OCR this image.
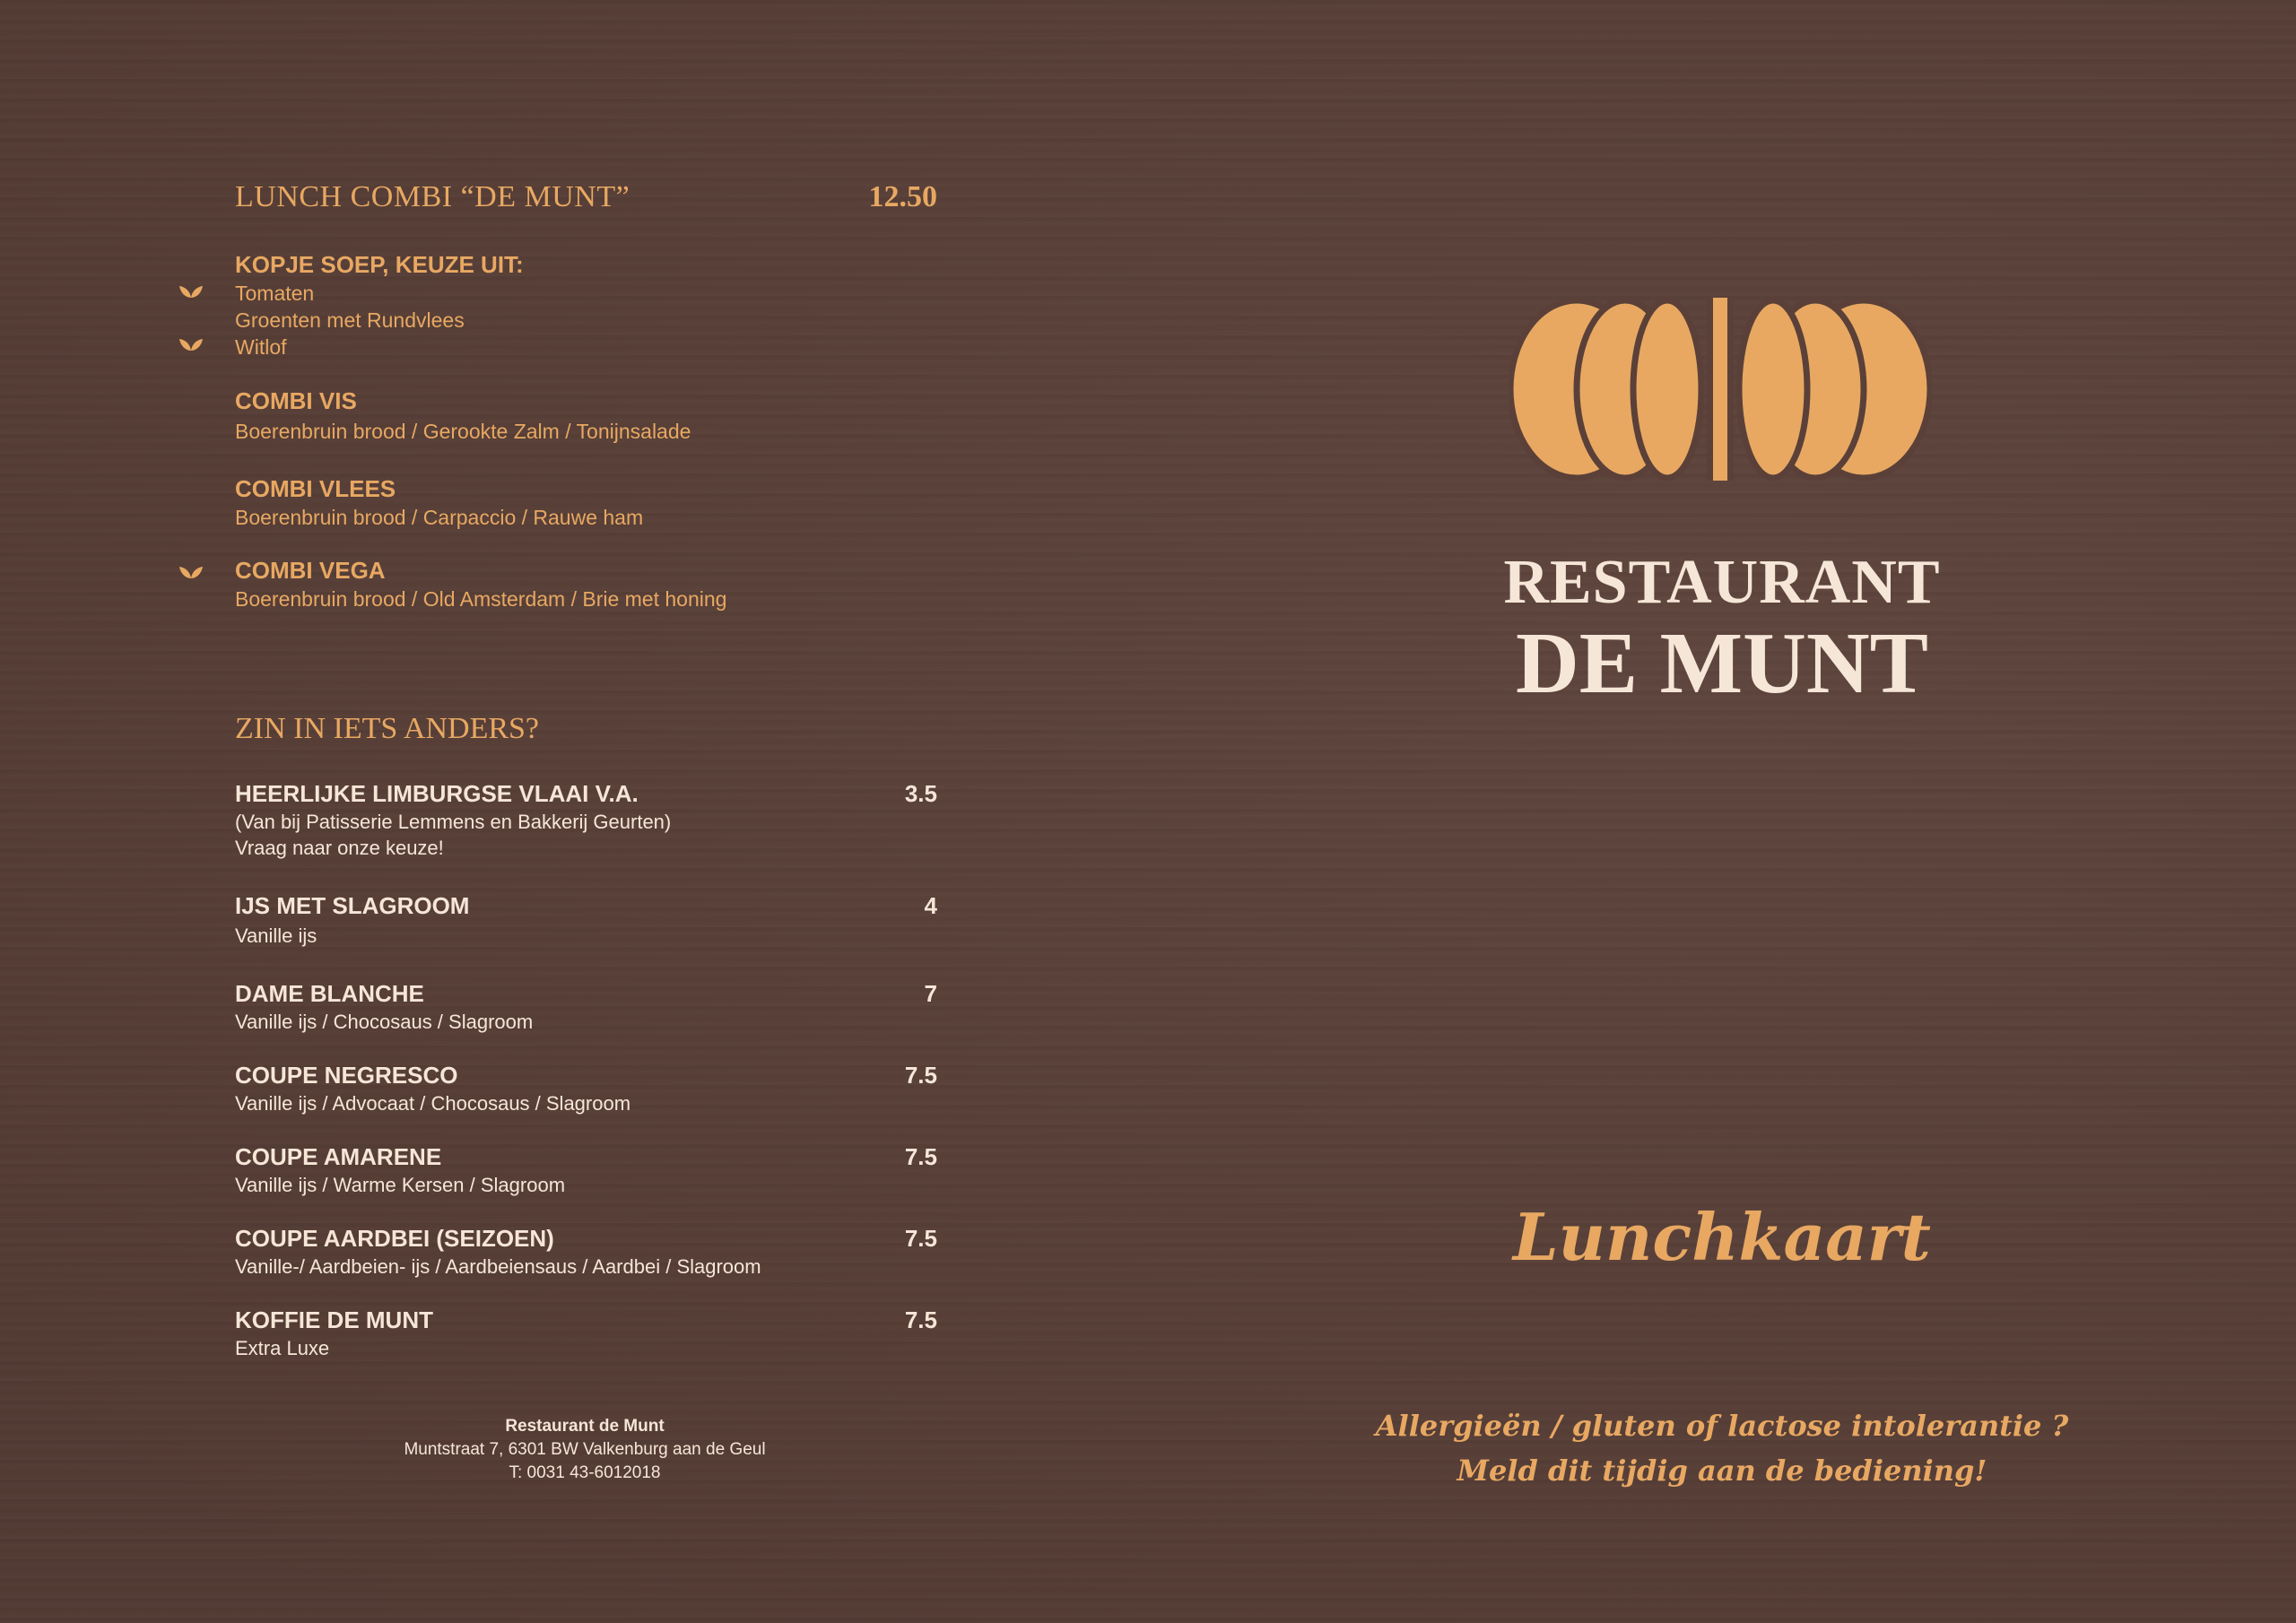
LUNCH COMBI “DE MUNT”	12.50
KOPJE SOEP, KEUZE UIT:
Tomaten
Groenten met Rundvlees
Witlof
COMBI VIS
Boerenbruin brood / Gerookte Zalm / Tonijnsalade
COMBI VLEES
Boerenbruin brood / Carpaccio / Rauwe ham
COMBI VEGA
Boerenbruin brood / Old Amsterdam / Brie met honing
ZIN IN IETS ANDERS?
HEERLIJKE LIMBURGSE VLAAI V.A.	3.5
(Van bij Patisserie Lemmens en Bakkerij Geurten)
Vraag naar onze keuze!
IJS MET SLAGROOM	4
Vanille ijs
DAME BLANCHE	7
Vanille ijs / Chocosaus / Slagroom
COUPE NEGRESCO	7.5
Vanille ijs / Advocaat / Chocosaus / Slagroom
COUPE AMARENE	7.5
Vanille ijs / Warme Kersen / Slagroom
COUPE AARDBEI (SEIZOEN)	7.5
Vanille-/ Aardbeien- ijs / Aardbeiensaus / Aardbei / Slagroom
KOFFIE DE MUNT	7.5
Extra Luxe
Restaurant de Munt
Muntstraat 7, 6301 BW Valkenburg aan de Geul
T: 0031 43-6012018
RESTAURANT
DE MUNT
Lunchkaart
Allergieën / gluten of lactose intolerantie ?
Meld dit tijdig aan de bediening!
